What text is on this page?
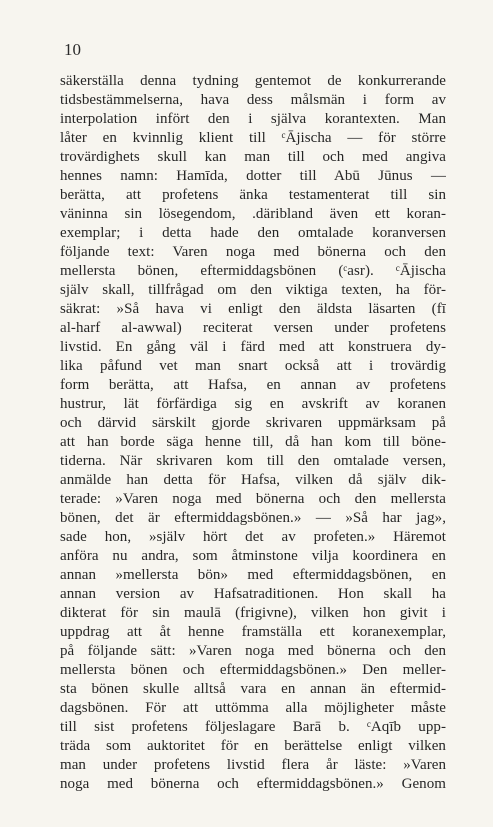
10
säkerställa denna tydning gentemot de konkurrerande
tidsbestämmelserna, hava dess målsmän i form av
interpolation infört den i själva korantexten. Man
låter en kvinnlig klient till ᶜĀjischa — för större
trovärdighets skull kan man till och med angiva
hennes namn: Hamīda, dotter till Abū Jūnus —
berätta, att profetens änka testamenterat till sin
väninna sin lösegendom, .däribland även ett koran-
exemplar; i detta hade den omtalade koranversen
följande text: Varen noga med bönerna och den
mellersta bönen, eftermiddagsbönen (ᶜasr). ᶜĀjischa
själv skall, tillfrågad om den viktiga texten, ha för-
säkrat: »Så hava vi enligt den äldsta läsarten (fī
al-harf al-awwal) reciterat versen under profetens
livstid. En gång väl i färd med att konstruera dy-
lika påfund vet man snart också att i trovärdig
form berätta, att Hafsa, en annan av profetens
hustrur, lät förfärdiga sig en avskrift av koranen
och därvid särskilt gjorde skrivaren uppmärksam på
att han borde säga henne till, då han kom till böne-
tiderna. När skrivaren kom till den omtalade versen,
anmälde han detta för Hafsa, vilken då själv dik-
terade: »Varen noga med bönerna och den mellersta
bönen, det är eftermiddagsbönen.» — »Så har jag»,
sade hon, »själv hört det av profeten.» Häremot
anföra nu andra, som åtminstone vilja koordinera en
annan »mellersta bön» med eftermiddagsbönen, en
annan version av Hafsatraditionen. Hon skall ha
dikterat för sin maulā (frigivne), vilken hon givit i
uppdrag att åt henne framställa ett koranexemplar,
på följande sätt: »Varen noga med bönerna och den
mellersta bönen och eftermiddagsbönen.» Den meller-
sta bönen skulle alltså vara en annan än eftermid-
dagsbönen. För att uttömma alla möjligheter måste
till sist profetens följeslagare Barā b. ᶜAqīb upp-
träda som auktoritet för en berättelse enligt vilken
man under profetens livstid flera år läste: »Varen
noga med bönerna och eftermiddagsbönen.» Genom
